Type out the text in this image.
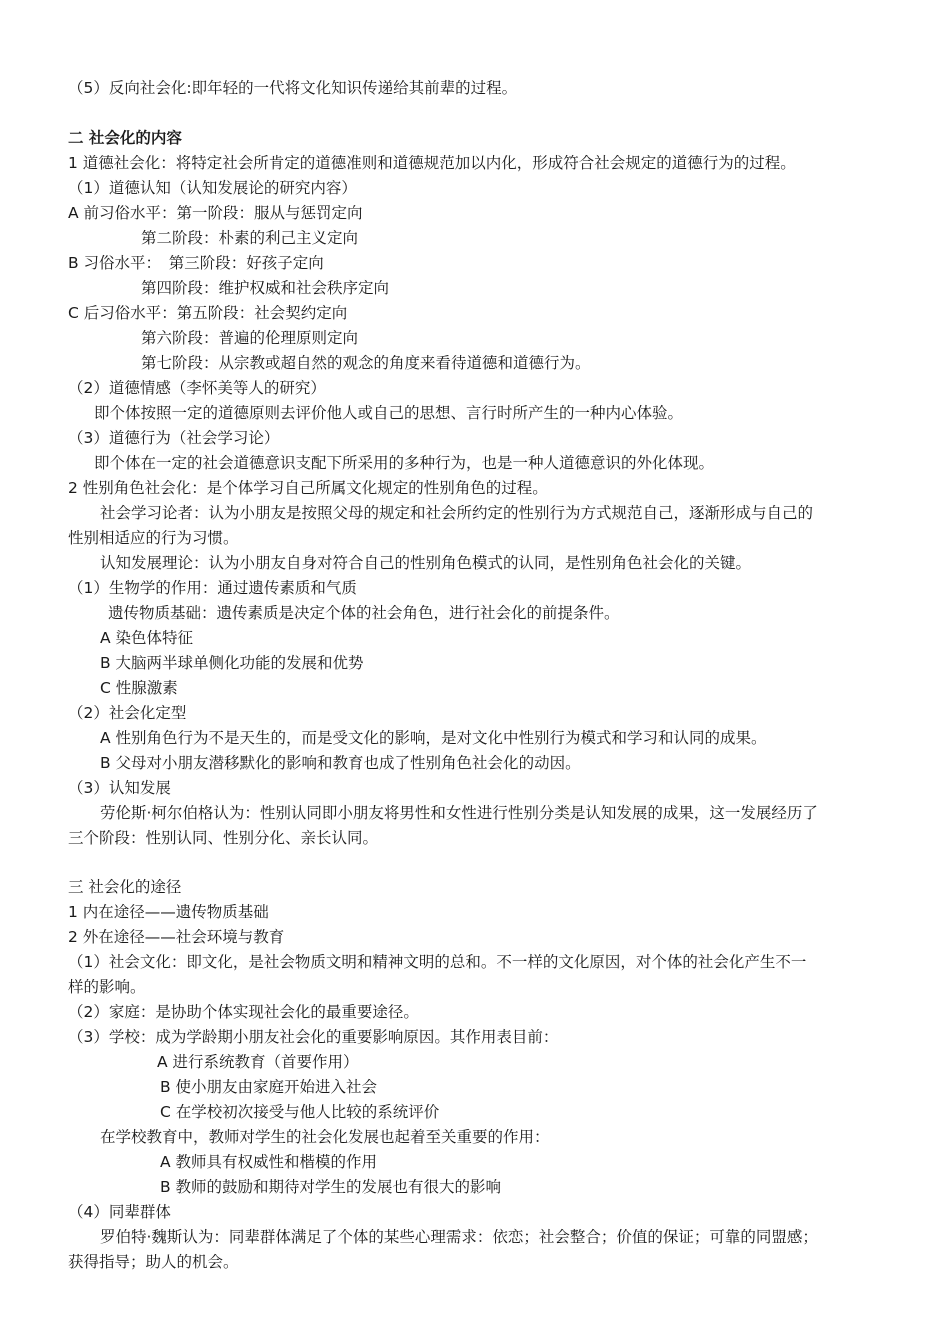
（5）反向社会化:即年轻的一代将文化知识传递给其前辈的过程。
二 社会化的内容
1 道德社会化：将特定社会所肯定的道德准则和道德规范加以内化，形成符合社会规定的道德行为的过程。
（1）道德认知（认知发展论的研究内容）
A 前习俗水平：第一阶段：服从与惩罚定向
第二阶段：朴素的利己主义定向
B 习俗水平：　第三阶段：好孩子定向
第四阶段：维护权威和社会秩序定向
C 后习俗水平：第五阶段：社会契约定向
第六阶段：普遍的伦理原则定向
第七阶段：从宗教或超自然的观念的角度来看待道德和道德行为。
（2）道德情感（李怀美等人的研究）
即个体按照一定的道德原则去评价他人或自己的思想、言行时所产生的一种内心体验。
（3）道德行为（社会学习论）
即个体在一定的社会道德意识支配下所采用的多种行为，也是一种人道德意识的外化体现。
2 性别角色社会化：是个体学习自己所属文化规定的性别角色的过程。
社会学习论者：认为小朋友是按照父母的规定和社会所约定的性别行为方式规范自己，逐渐形成与自己的
性别相适应的行为习惯。
认知发展理论：认为小朋友自身对符合自己的性别角色模式的认同，是性别角色社会化的关键。
（1）生物学的作用：通过遗传素质和气质
遗传物质基础：遗传素质是决定个体的社会角色，进行社会化的前提条件。
A 染色体特征
B 大脑两半球单侧化功能的发展和优势
C 性腺激素
（2）社会化定型
A 性别角色行为不是天生的，而是受文化的影响，是对文化中性别行为模式和学习和认同的成果。
B 父母对小朋友潜移默化的影响和教育也成了性别角色社会化的动因。
（3）认知发展
劳伦斯·柯尔伯格认为：性别认同即小朋友将男性和女性进行性别分类是认知发展的成果，这一发展经历了
三个阶段：性别认同、性别分化、亲长认同。
三 社会化的途径
1 内在途径——遗传物质基础
2 外在途径——社会环境与教育
（1）社会文化：即文化，是社会物质文明和精神文明的总和。不一样的文化原因，对个体的社会化产生不一
样的影响。
（2）家庭：是协助个体实现社会化的最重要途径。
（3）学校：成为学龄期小朋友社会化的重要影响原因。其作用表目前：
A 进行系统教育（首要作用）
B 使小朋友由家庭开始进入社会
C 在学校初次接受与他人比较的系统评价
在学校教育中，教师对学生的社会化发展也起着至关重要的作用：
A 教师具有权威性和楷模的作用
B 教师的鼓励和期待对学生的发展也有很大的影响
（4）同辈群体
罗伯特·魏斯认为：同辈群体满足了个体的某些心理需求：依恋；社会整合；价值的保证；可靠的同盟感；
获得指导；助人的机会。
